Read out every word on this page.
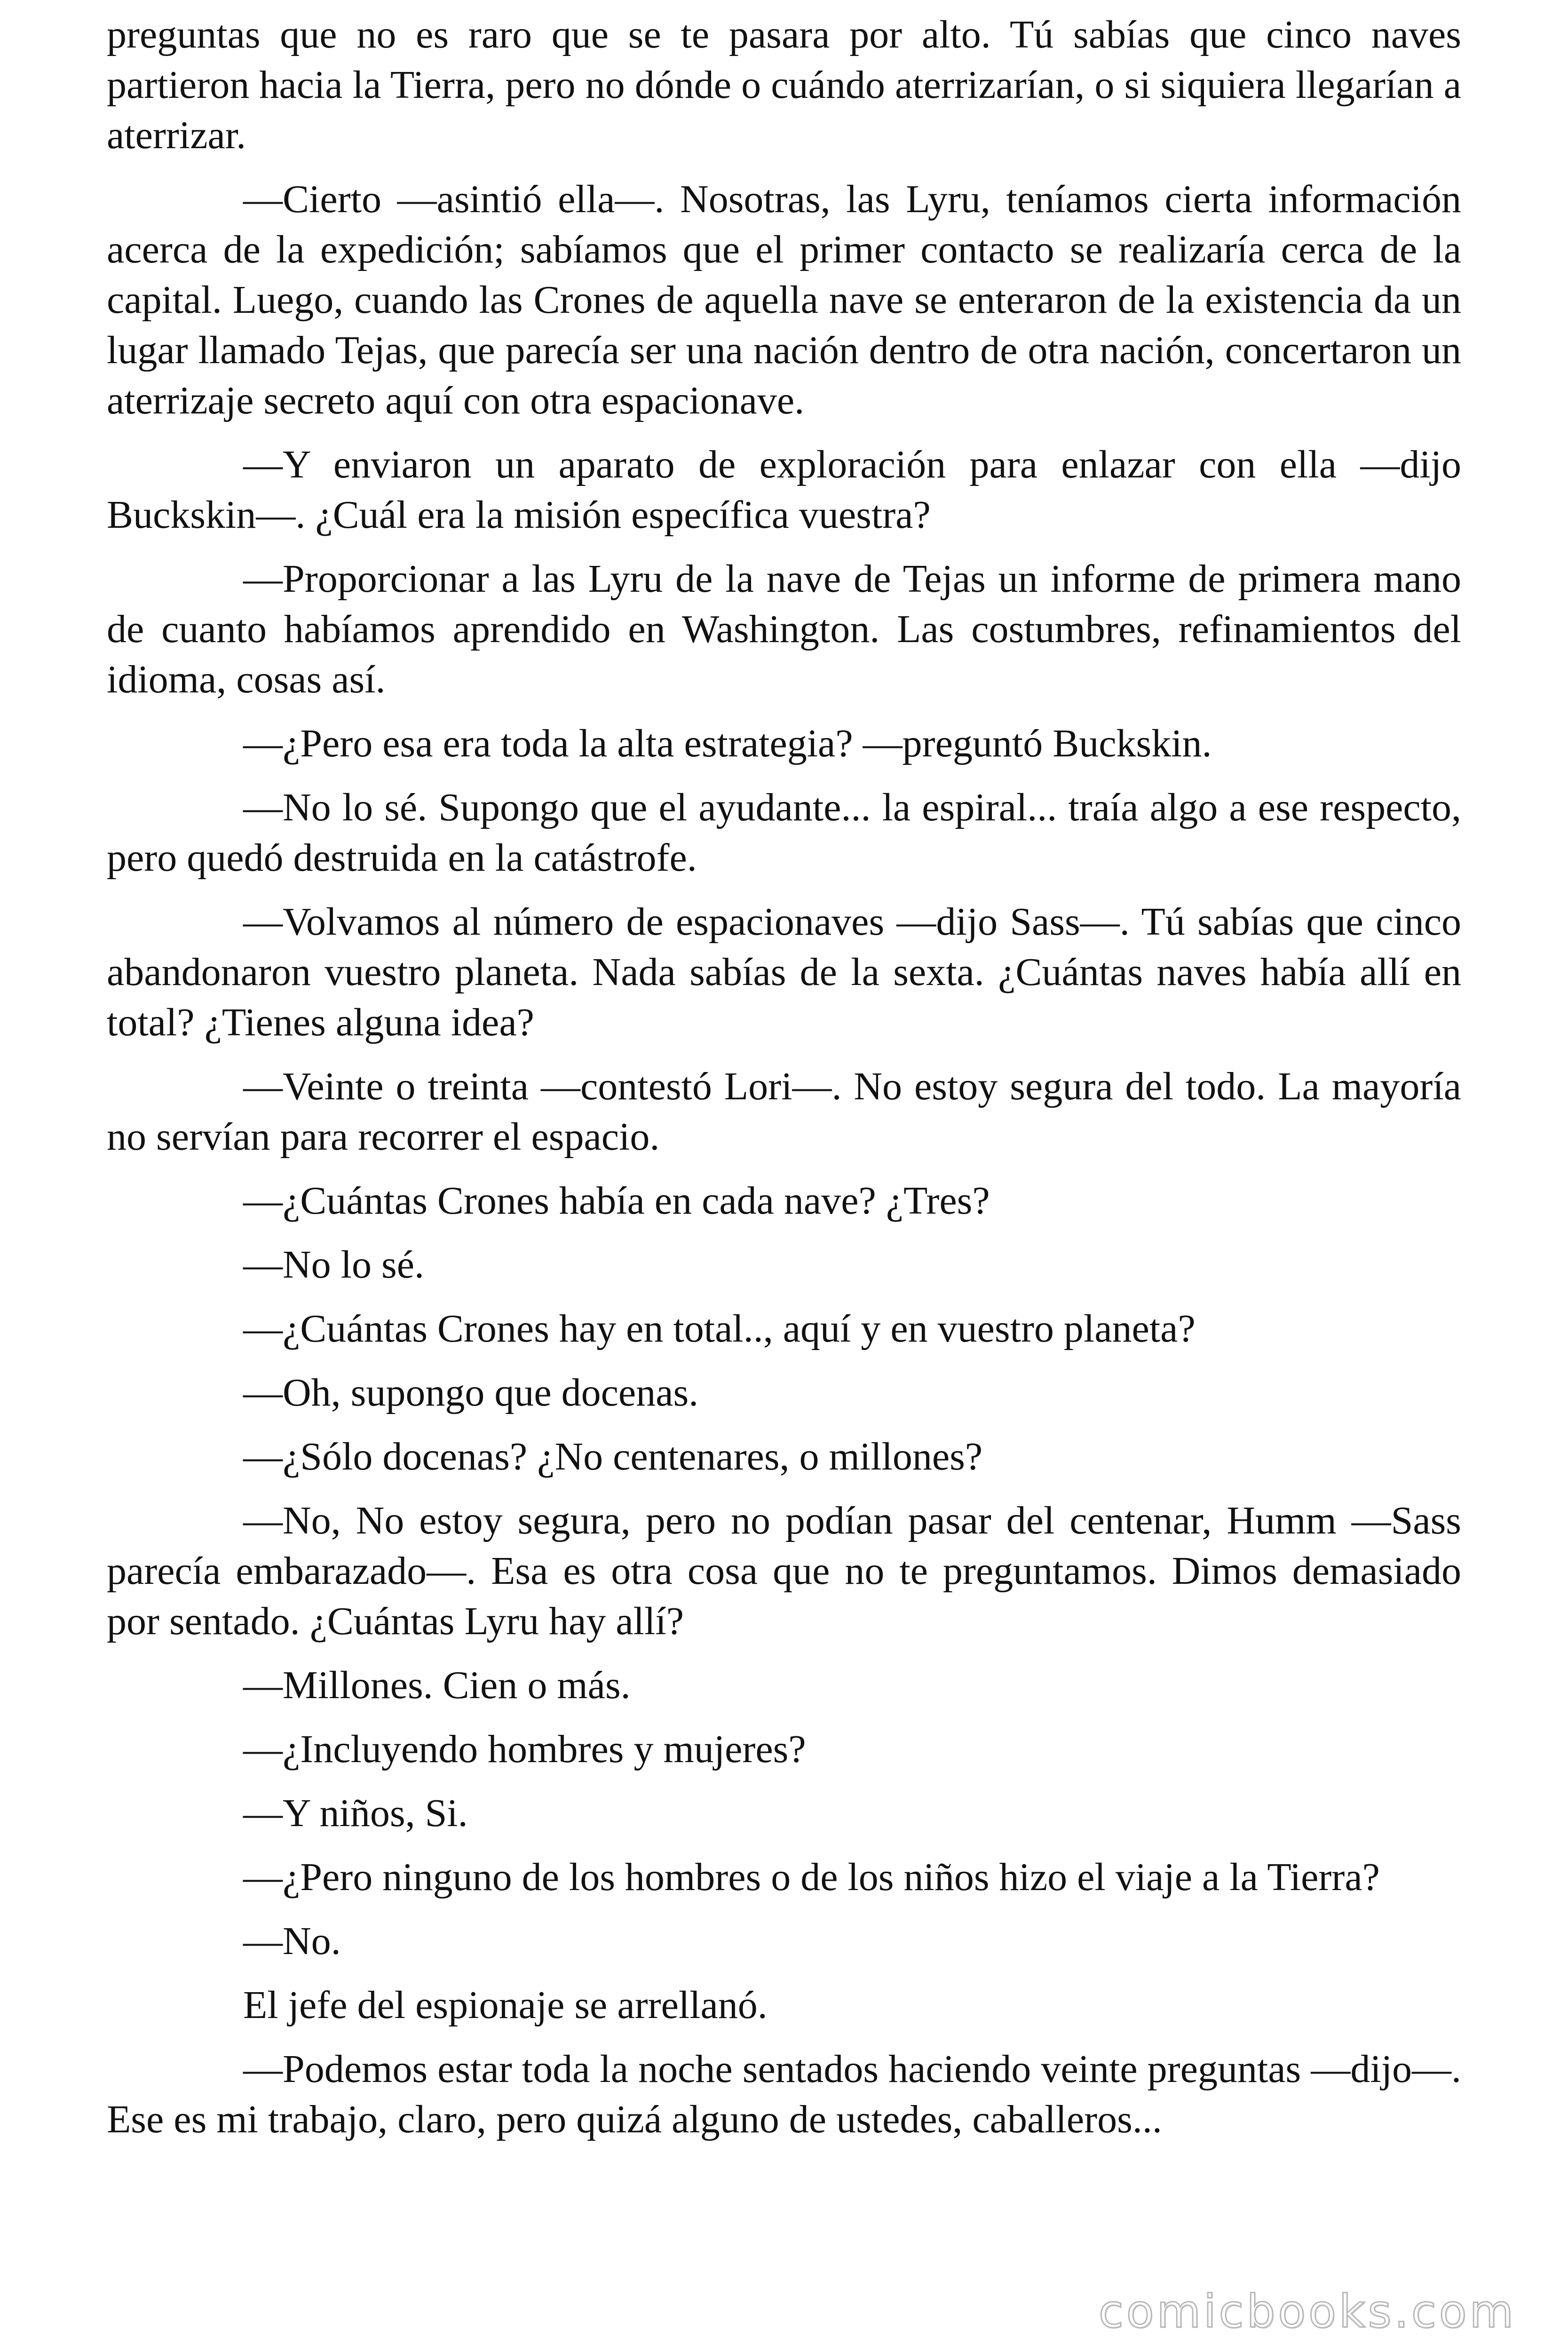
preguntas que no es raro que se te pasara por alto. Tú sabías que cinco naves partieron hacia la Tierra, pero no dónde o cuándo aterrizarían, o si siquiera llegarían a aterrizar.

—Cierto —asintió ella—. Nosotras, las Lyru, teníamos cierta información acerca de la expedición; sabíamos que el primer contacto se realizaría cerca de la capital. Luego, cuando las Crones de aquella nave se enteraron de la existencia da un lugar llamado Tejas, que parecía ser una nación dentro de otra nación, concertaron un aterrizaje secreto aquí con otra espacionave.

—Y enviaron un aparato de exploración para enlazar con ella —dijo Buckskin—. ¿Cuál era la misión específica vuestra?

—Proporcionar a las Lyru de la nave de Tejas un informe de primera mano de cuanto habíamos aprendido en Washington. Las costumbres, refinamientos del idioma, cosas así.

—¿Pero esa era toda la alta estrategia? —preguntó Buckskin.

—No lo sé. Supongo que el ayudante... la espiral... traía algo a ese respecto, pero quedó destruida en la catástrofe.

—Volvamos al número de espacionaves —dijo Sass—. Tú sabías que cinco abandonaron vuestro planeta. Nada sabías de la sexta. ¿Cuántas naves había allí en total? ¿Tienes alguna idea?

—Veinte o treinta —contestó Lori—. No estoy segura del todo. La mayoría no servían para recorrer el espacio.

—¿Cuántas Crones había en cada nave? ¿Tres?

—No lo sé.

—¿Cuántas Crones hay en total.., aquí y en vuestro planeta?

—Oh, supongo que docenas.

—¿Sólo docenas? ¿No centenares, o millones?

—No, No estoy segura, pero no podían pasar del centenar, Humm —Sass parecía embarazado—. Esa es otra cosa que no te preguntamos. Dimos demasiado por sentado. ¿Cuántas Lyru hay allí?

—Millones. Cien o más.

—¿Incluyendo hombres y mujeres?

—Y niños, Si.

—¿Pero ninguno de los hombres o de los niños hizo el viaje a la Tierra?

—No.

El jefe del espionaje se arrellanó.

—Podemos estar toda la noche sentados haciendo veinte preguntas —dijo—. Ese es mi trabajo, claro, pero quizá alguno de ustedes, caballeros...

comicbooks.com
